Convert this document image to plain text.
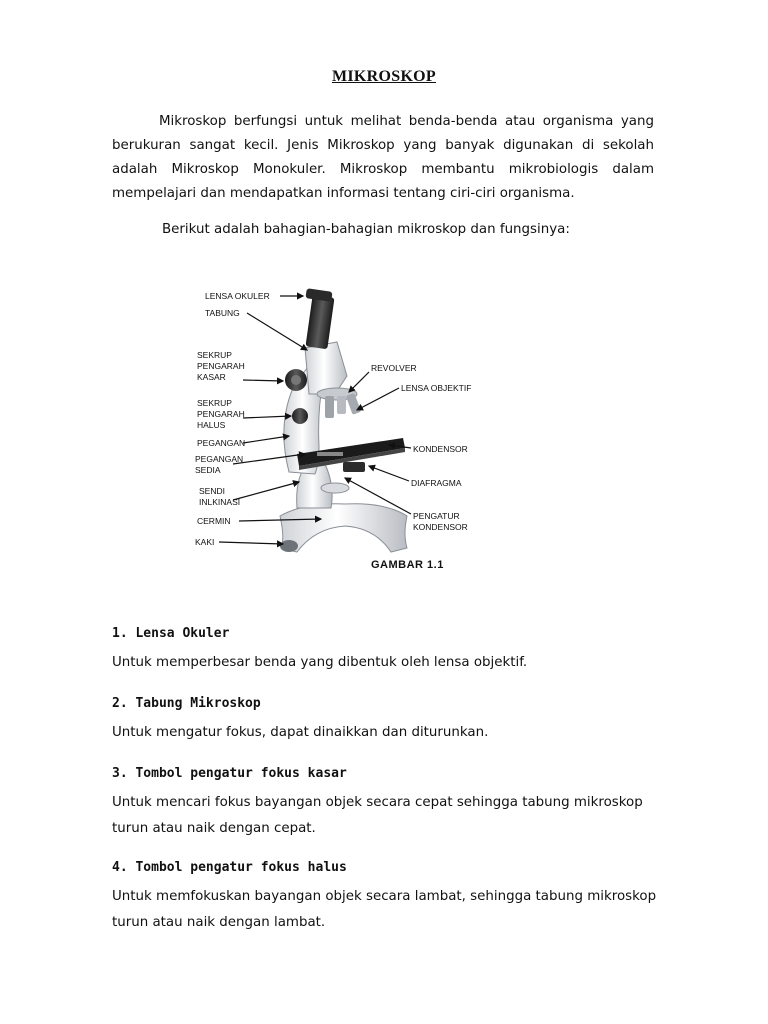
MIKROSKOP

Mikroskop berfungsi untuk melihat benda-benda atau organisma yang berukuran sangat kecil. Jenis Mikroskop yang banyak digunakan di sekolah adalah Mikroskop Monokuler. Mikroskop membantu mikrobiologis dalam mempelajari dan mendapatkan informasi tentang ciri-ciri organisma.

Berikut adalah bahagian-bahagian mikroskop dan fungsinya:

LENSA OKULER
TABUNG
SEKRUP
PENGARAH
KASAR
SEKRUP
PENGARAH
HALUS
PEGANGAN
PEGANGAN
SEDIA
SENDI
INLKINASI
CERMIN
KAKI
REVOLVER
LENSA OBJEKTIF
KONDENSOR
DIAFRAGMA
PENGATUR
KONDENSOR
GAMBAR 1.1
1. Lensa Okuler

Untuk memperbesar benda yang dibentuk oleh lensa objektif.

2. Tabung Mikroskop

Untuk mengatur fokus, dapat dinaikkan dan diturunkan.

3. Tombol pengatur fokus kasar

Untuk mencari fokus bayangan objek secara cepat sehingga tabung mikroskop turun atau naik dengan cepat.

4. Tombol pengatur fokus halus

Untuk memfokuskan bayangan objek secara lambat, sehingga tabung mikroskop turun atau naik dengan lambat.
